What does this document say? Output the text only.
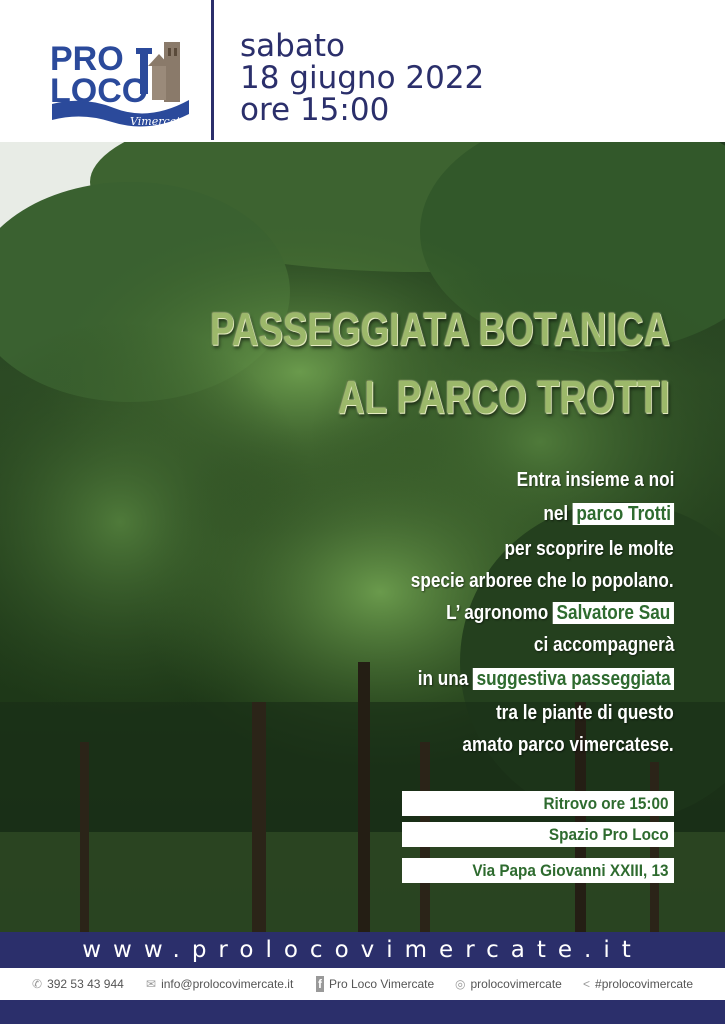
PRO
LOCO
Vimercate
sabato
18 giugno 2022
ore 15:00
PASSEGGIATA BOTANICA
AL PARCO TROTTI
Entra insieme a noi
nel parco Trotti
per scoprire le molte
specie arboree che lo popolano.
L’ agronomo Salvatore Sau
ci accompagnerà
in una suggestiva passeggiata
tra le piante di questo
amato parco vimercatese.
Ritrovo ore 15:00
Spazio Pro Loco
Via Papa Giovanni XXIII, 13
www.prolocovimercate.it
✆ 392 53 43 944 ✉ info@prolocovimercate.it f Pro Loco Vimercate ◎ prolocovimercate < #prolocovimercate
